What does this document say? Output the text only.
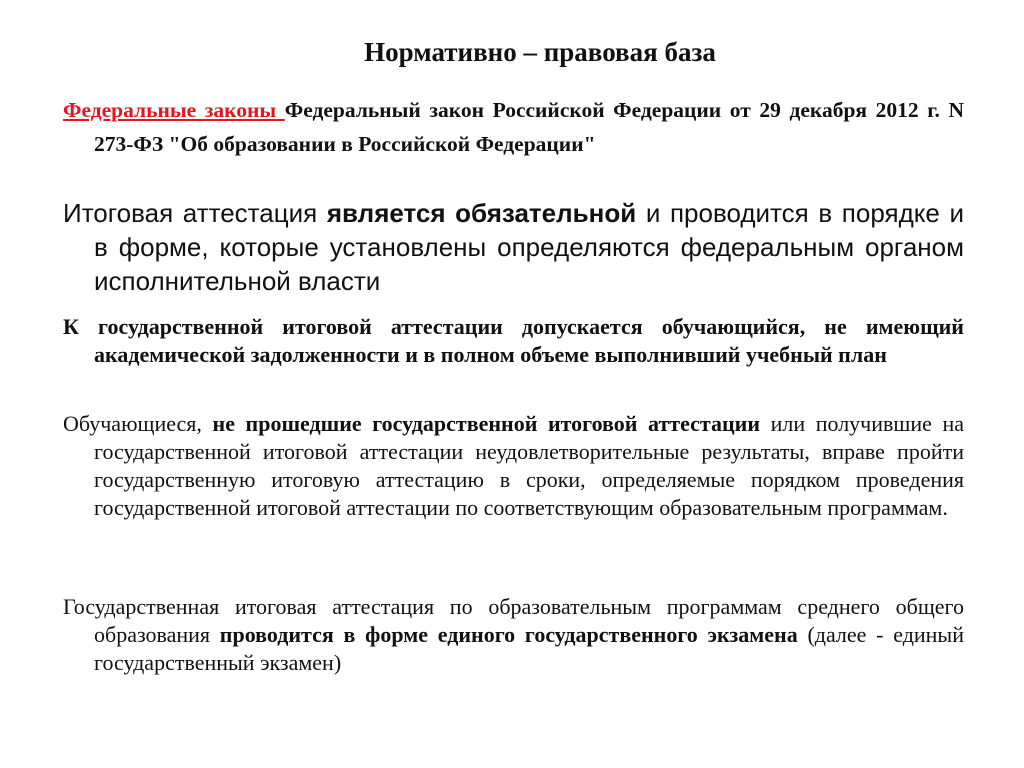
Нормативно – правовая база

Федеральные законы Федеральный закон Российской Федерации от 29 декабря 2012 г. N 273-ФЗ "Об образовании в Российской Федерации"

Итоговая аттестация является обязательной и проводится в порядке и в форме, которые установлены определяются федеральным органом исполнительной власти

К государственной итоговой аттестации допускается обучающийся, не имеющий академической задолженности и в полном объеме выполнивший учебный план

Обучающиеся, не прошедшие государственной итоговой аттестации или получившие на государственной итоговой аттестации неудовлетворительные результаты, вправе пройти государственную итоговую аттестацию в сроки, определяемые порядком проведения государственной итоговой аттестации по соответствующим образовательным программам.

Государственная итоговая аттестация по образовательным программам среднего общего образования проводится в форме единого государственного экзамена (далее - единый государственный экзамен)
